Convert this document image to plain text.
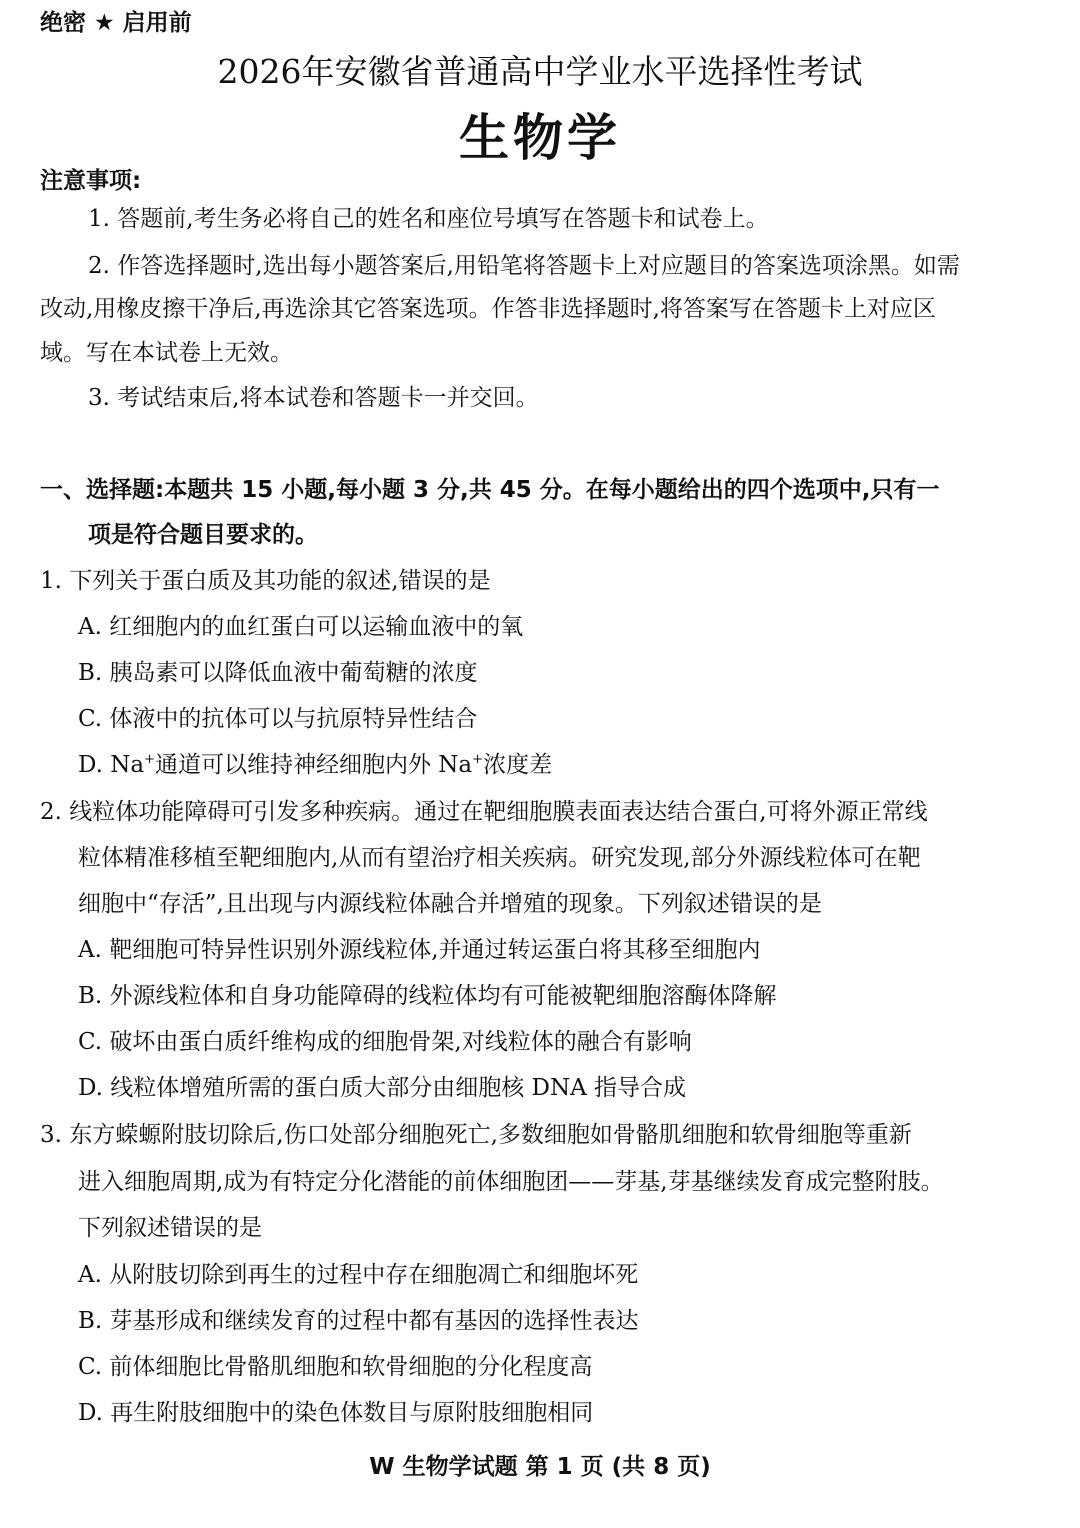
绝密 ★ 启用前
2026年安徽省普通高中学业水平选择性考试
生物学
注意事项:
1. 答题前,考生务必将自己的姓名和座位号填写在答题卡和试卷上。
2. 作答选择题时,选出每小题答案后,用铅笔将答题卡上对应题目的答案选项涂黑。如需
改动,用橡皮擦干净后,再选涂其它答案选项。作答非选择题时,将答案写在答题卡上对应区
域。写在本试卷上无效。
3. 考试结束后,将本试卷和答题卡一并交回。
一、选择题:本题共 15 小题,每小题 3 分,共 45 分。在每小题给出的四个选项中,只有一
项是符合题目要求的。
1. 下列关于蛋白质及其功能的叙述,错误的是
A. 红细胞内的血红蛋白可以运输血液中的氧
B. 胰岛素可以降低血液中葡萄糖的浓度
C. 体液中的抗体可以与抗原特异性结合
D. Na+通道可以维持神经细胞内外 Na+浓度差
2. 线粒体功能障碍可引发多种疾病。通过在靶细胞膜表面表达结合蛋白,可将外源正常线
粒体精准移植至靶细胞内,从而有望治疗相关疾病。研究发现,部分外源线粒体可在靶
细胞中“存活”,且出现与内源线粒体融合并增殖的现象。下列叙述错误的是
A. 靶细胞可特异性识别外源线粒体,并通过转运蛋白将其移至细胞内
B. 外源线粒体和自身功能障碍的线粒体均有可能被靶细胞溶酶体降解
C. 破坏由蛋白质纤维构成的细胞骨架,对线粒体的融合有影响
D. 线粒体增殖所需的蛋白质大部分由细胞核 DNA 指导合成
3. 东方蝾螈附肢切除后,伤口处部分细胞死亡,多数细胞如骨骼肌细胞和软骨细胞等重新
进入细胞周期,成为有特定分化潜能的前体细胞团——芽基,芽基继续发育成完整附肢。
下列叙述错误的是
A. 从附肢切除到再生的过程中存在细胞凋亡和细胞坏死
B. 芽基形成和继续发育的过程中都有基因的选择性表达
C. 前体细胞比骨骼肌细胞和软骨细胞的分化程度高
D. 再生附肢细胞中的染色体数目与原附肢细胞相同
W 生物学试题 第 1 页 (共 8 页)
